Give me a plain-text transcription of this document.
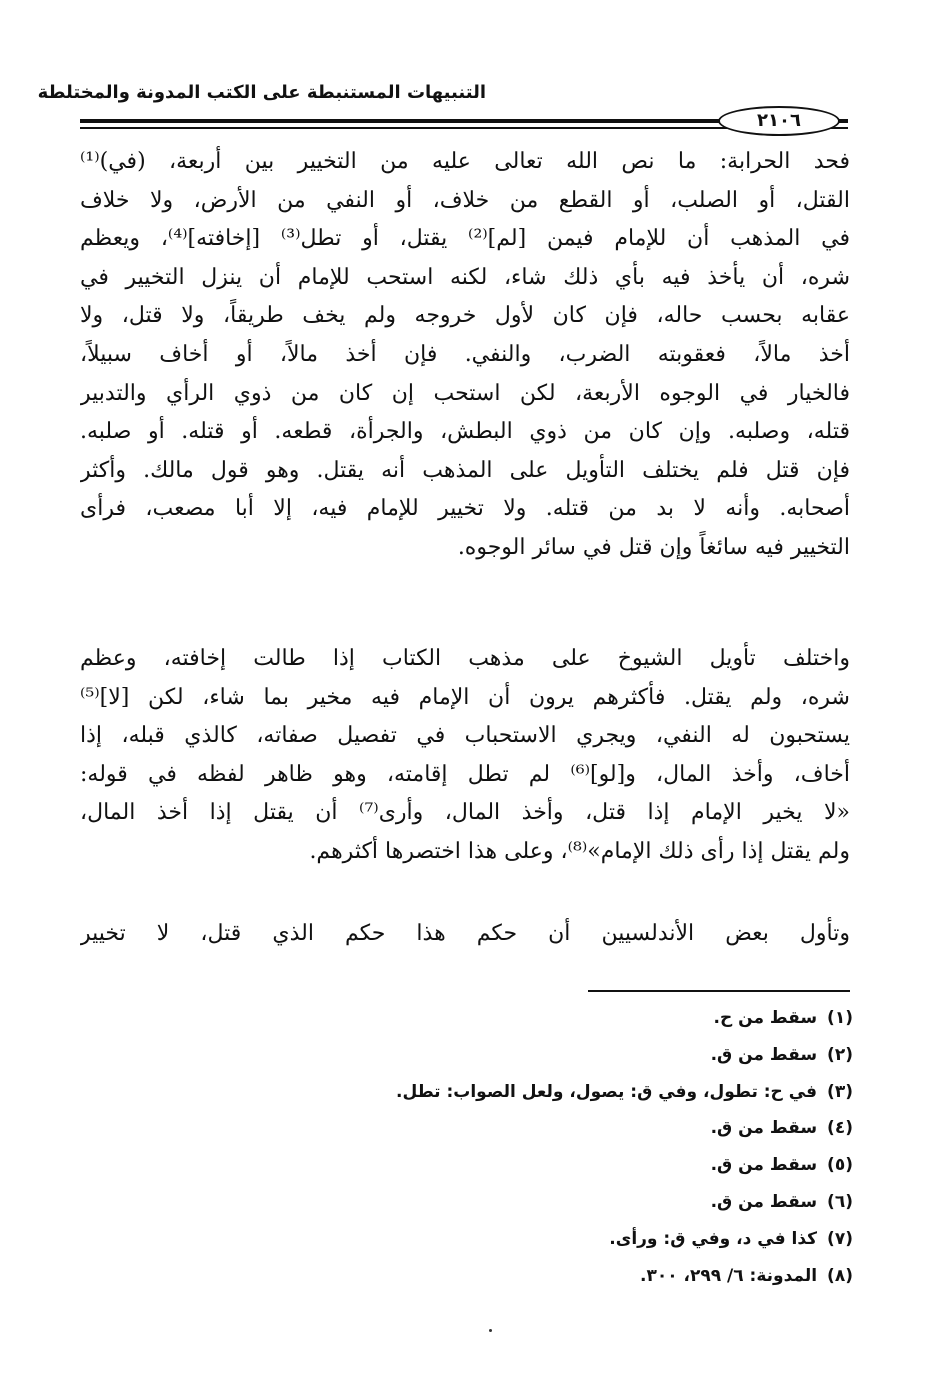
التنبيهات المستنبطة على الكتب المدونة والمختلطة
٢١٠٦
فحد الحرابة: ما نص الله تعالى عليه من التخيير بين أربعة، (في)⁽¹⁾
القتل، أو الصلب، أو القطع من خلاف، أو النفي من الأرض، ولا خلاف
في المذهب أن للإمام فيمن [لم]⁽²⁾ يقتل، أو تطل⁽³⁾ [إخافته]⁽⁴⁾، ويعظم
شره، أن يأخذ فيه بأي ذلك شاء، لكنه استحب للإمام أن ينزل التخيير في
عقابه بحسب حاله، فإن كان لأول خروجه ولم يخف طريقاً، ولا قتل، ولا
أخذ مالاً، فعقوبته الضرب، والنفي. فإن أخذ مالاً، أو أخاف سبيلاً،
فالخيار في الوجوه الأربعة، لكن استحب إن كان من ذوي الرأي والتدبير
قتله، وصلبه. وإن كان من ذوي البطش، والجرأة، قطعه. أو قتله. أو صلبه.
فإن قتل فلم يختلف التأويل على المذهب أنه يقتل. وهو قول مالك. وأكثر
أصحابه. وأنه لا بد من قتله. ولا تخيير للإمام فيه، إلا أبا مصعب، فرأى
التخيير فيه سائغاً وإن قتل في سائر الوجوه.
واختلف تأويل الشيوخ على مذهب الكتاب إذا طالت إخافته، وعظم
شره، ولم يقتل. فأكثرهم يرون أن الإمام فيه مخير بما شاء، لكن [لا]⁽⁵⁾
يستحبون له النفي، ويجري الاستحباب في تفصيل صفاته، كالذي قبله، إذا
أخاف، وأخذ المال، و[لو]⁽⁶⁾ لم تطل إقامته، وهو ظاهر لفظه في قوله:
«لا يخير الإمام إذا قتل، وأخذ المال، وأرى⁽⁷⁾ أن يقتل إذا أخذ المال،
ولم يقتل إذا رأى ذلك الإمام»⁽⁸⁾، وعلى هذا اختصرها أكثرهم.
وتأول بعض الأندلسيين أن حكم هذا حكم الذي قتل، لا تخيير
(١)سقط من ح.
(٢)سقط من ق.
(٣)في ح: تطول، وفي ق: يصول، ولعل الصواب: تطل.
(٤)سقط من ق.
(٥)سقط من ق.
(٦)سقط من ق.
(٧)كذا في د، وفي ق: ورأى.
(٨)المدونة: ٦/ ٢٩٩، ٣٠٠.
